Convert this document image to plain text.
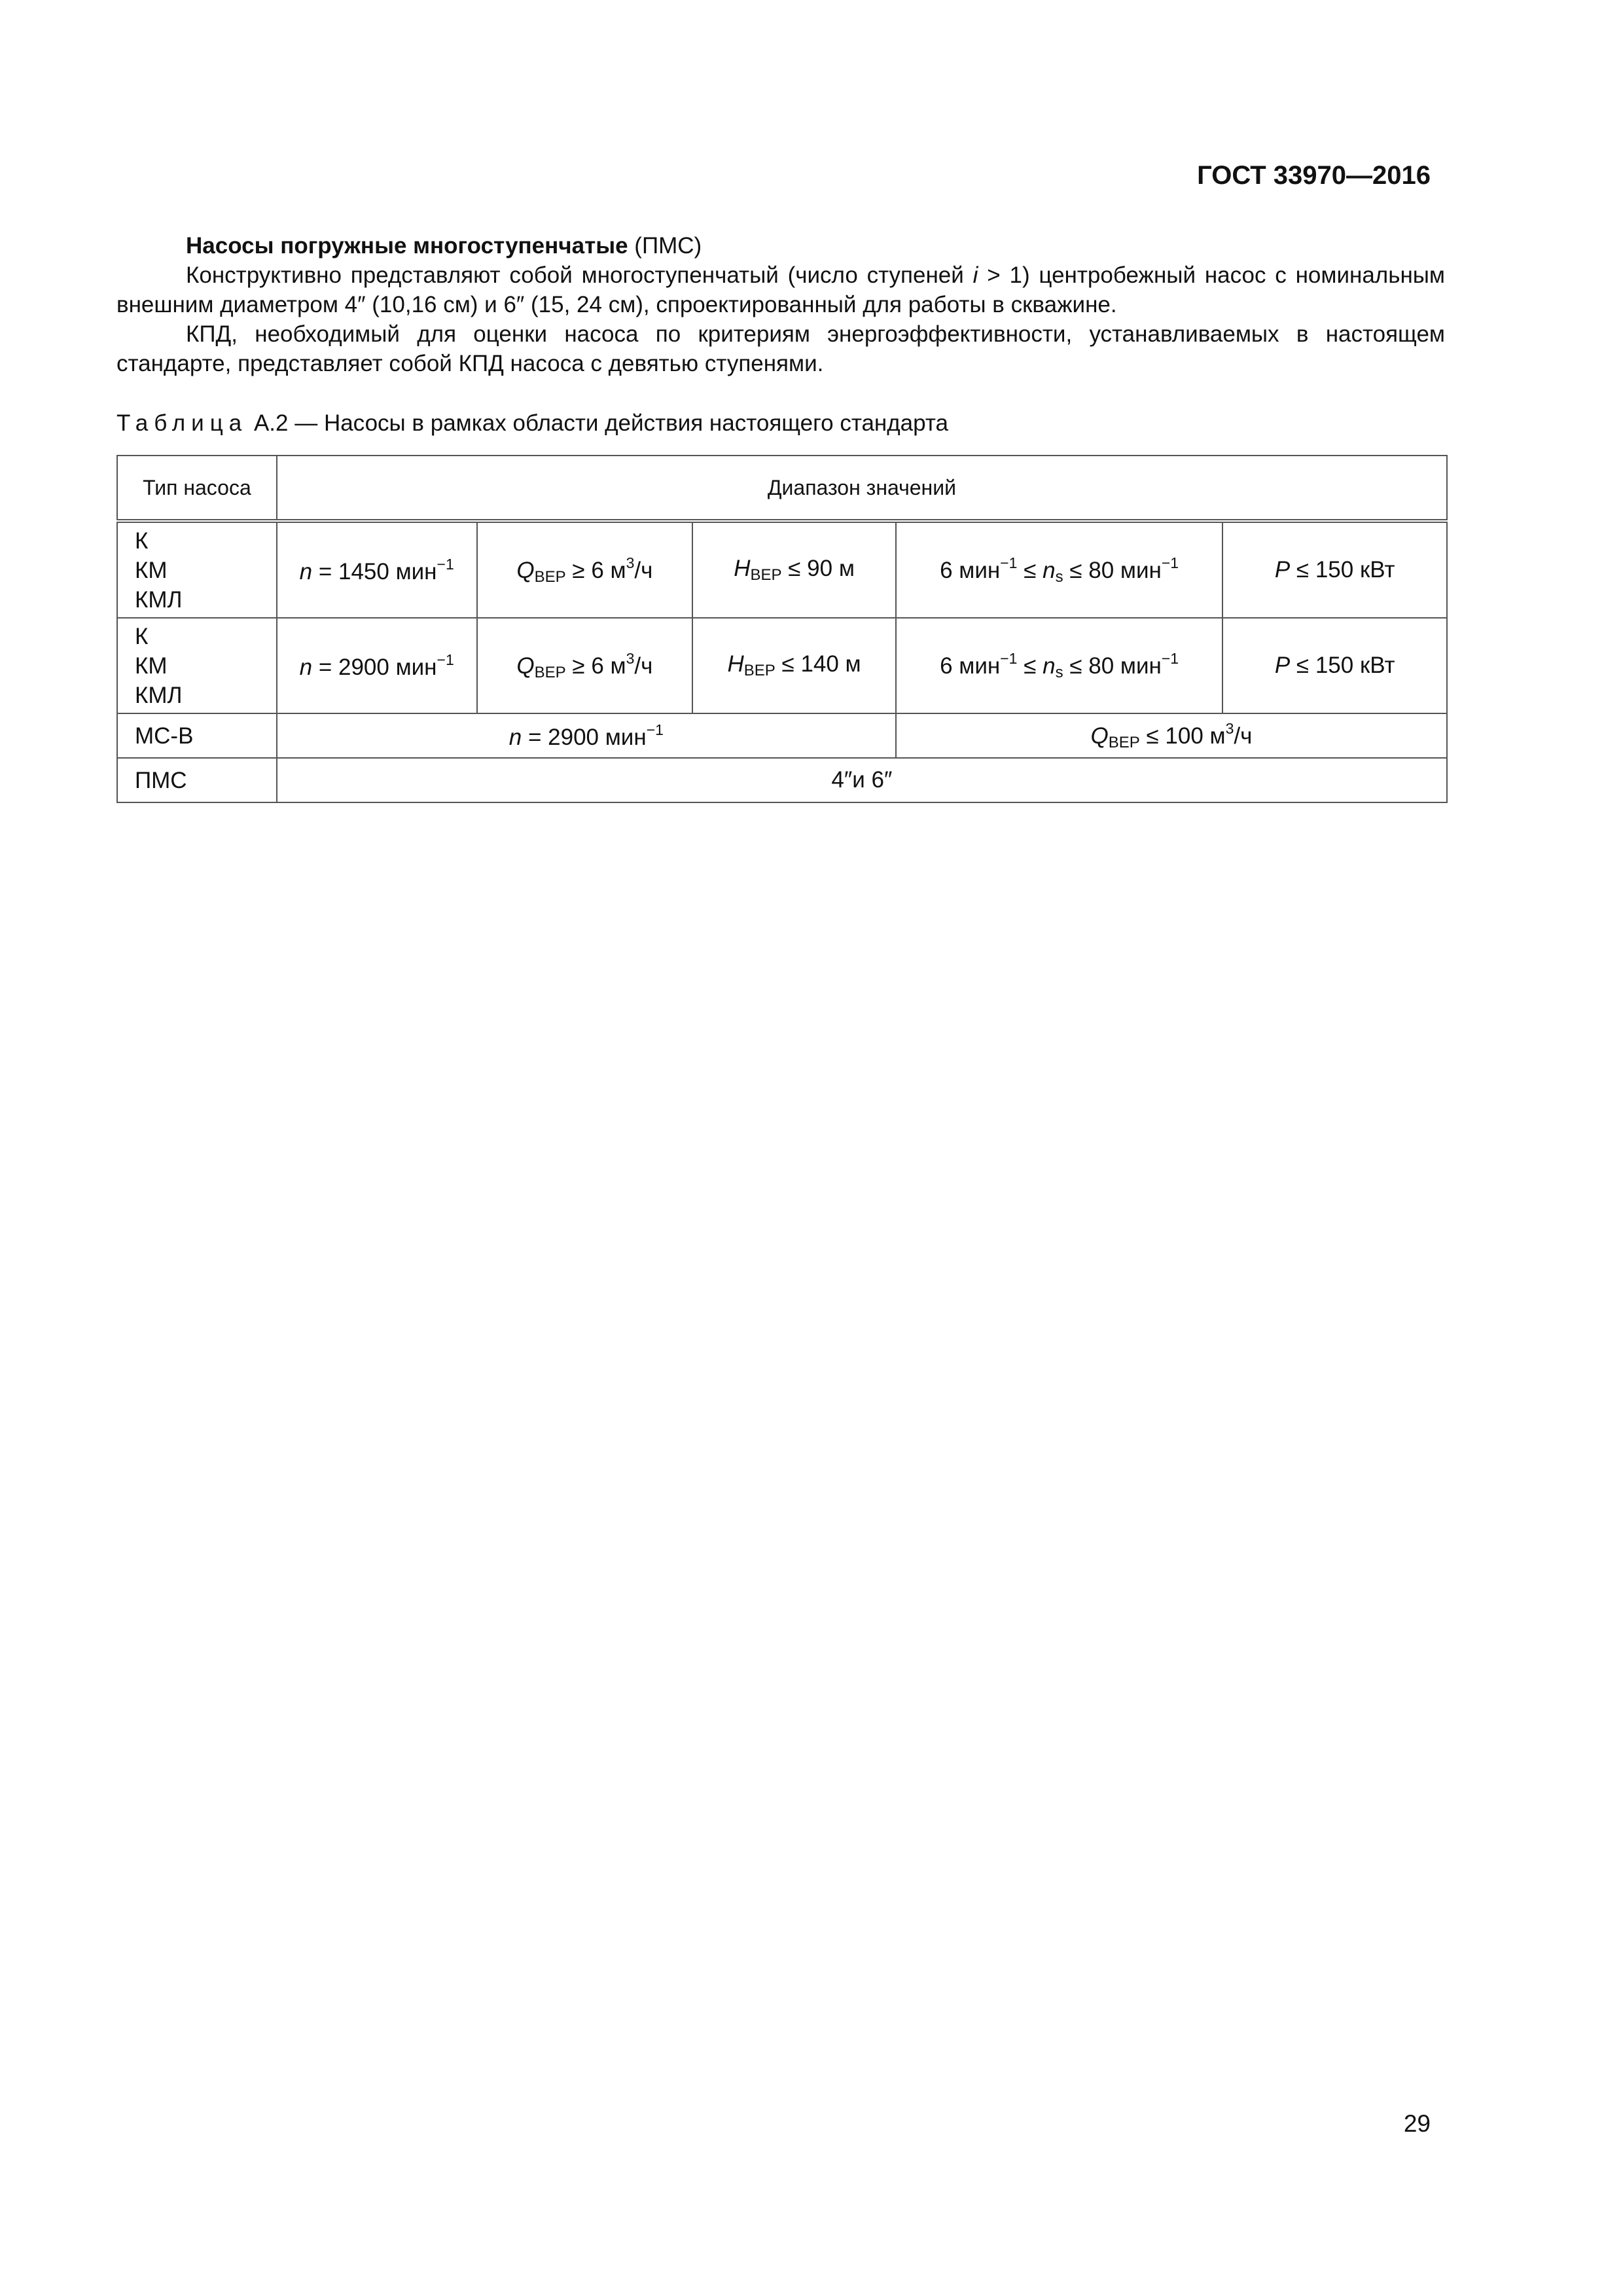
ГОСТ 33970—2016

Насосы погружные многоступенчатые (ПМС)

Конструктивно представляют собой многоступенчатый (число ступеней i > 1) центробежный насос с номинальным внешним диаметром 4″ (10,16 см) и 6″ (15, 24 см), спроектированный для работы в скважине.

КПД, необходимый для оценки насоса по критериям энергоэффективности, устанавливаемых в настоящем стандарте, представляет собой КПД насоса с девятью ступенями.

Таблица А.2 — Насосы в рамках области действия настоящего стандарта
Тип насоса	Диапазон значений				

К
КМ
КМЛ	n = 1450 мин$^{-1}$	$Q_{BEP} \ge 6$ $м^3/ч$	$H_{BEP} \le 90$ м	6 $мин^{-1} \le n_s \le 80$ мин$^{-1}$	P ≤ 150 кВт

К
КМ
КМЛ	n = 2900 мин$^{-1}$	$Q_{BEP} \ge 6$ $м^3/ч$	$H_{BEP} \le 140$ м	6 $мин^{-1} \le n_s \le 80$ мин$^{-1}$	P ≤ 150 кВт
МС-В	n = 2900 мин$^{-1}$			$Q_{BEP} \le 100$ $м^3/ч$	
ПМС	4″и 6″				
29
